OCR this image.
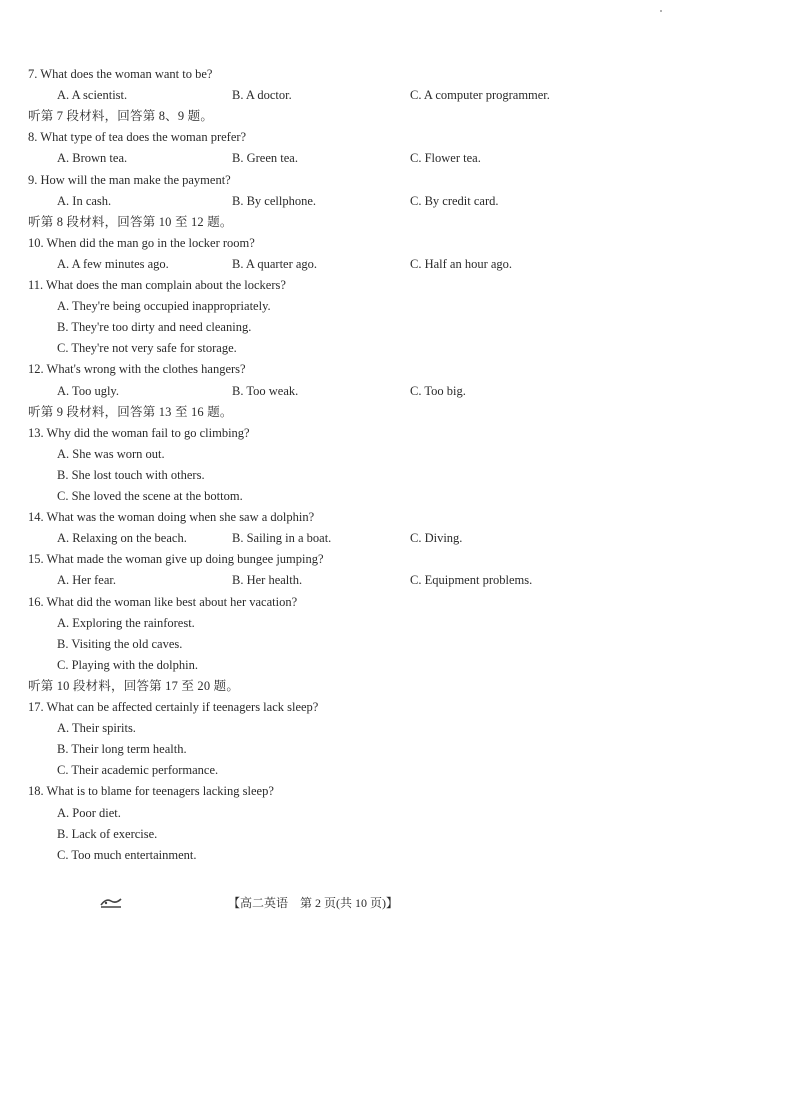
7. What does the woman want to be?
A. A scientist.	B. A doctor.	C. A computer programmer.
听第 7 段材料，回答第 8、9 题。
8. What type of tea does the woman prefer?
A. Brown tea.	B. Green tea.	C. Flower tea.
9. How will the man make the payment?
A. In cash.	B. By cellphone.	C. By credit card.
听第 8 段材料，回答第 10 至 12 题。
10. When did the man go in the locker room?
A. A few minutes ago.	B. A quarter ago.	C. Half an hour ago.
11. What does the man complain about the lockers?
A. They're being occupied inappropriately.
B. They're too dirty and need cleaning.
C. They're not very safe for storage.
12. What's wrong with the clothes hangers?
A. Too ugly.	B. Too weak.	C. Too big.
听第 9 段材料，回答第 13 至 16 题。
13. Why did the woman fail to go climbing?
A. She was worn out.
B. She lost touch with others.
C. She loved the scene at the bottom.
14. What was the woman doing when she saw a dolphin?
A. Relaxing on the beach.	B. Sailing in a boat.	C. Diving.
15. What made the woman give up doing bungee jumping?
A. Her fear.	B. Her health.	C. Equipment problems.
16. What did the woman like best about her vacation?
A. Exploring the rainforest.
B. Visiting the old caves.
C. Playing with the dolphin.
听第 10 段材料，回答第 17 至 20 题。
17. What can be affected certainly if teenagers lack sleep?
A. Their spirits.
B. Their long term health.
C. Their academic performance.
18. What is to blame for teenagers lacking sleep?
A. Poor diet.
B. Lack of exercise.
C. Too much entertainment.
【高二英语　第 2 页(共 10 页)】
